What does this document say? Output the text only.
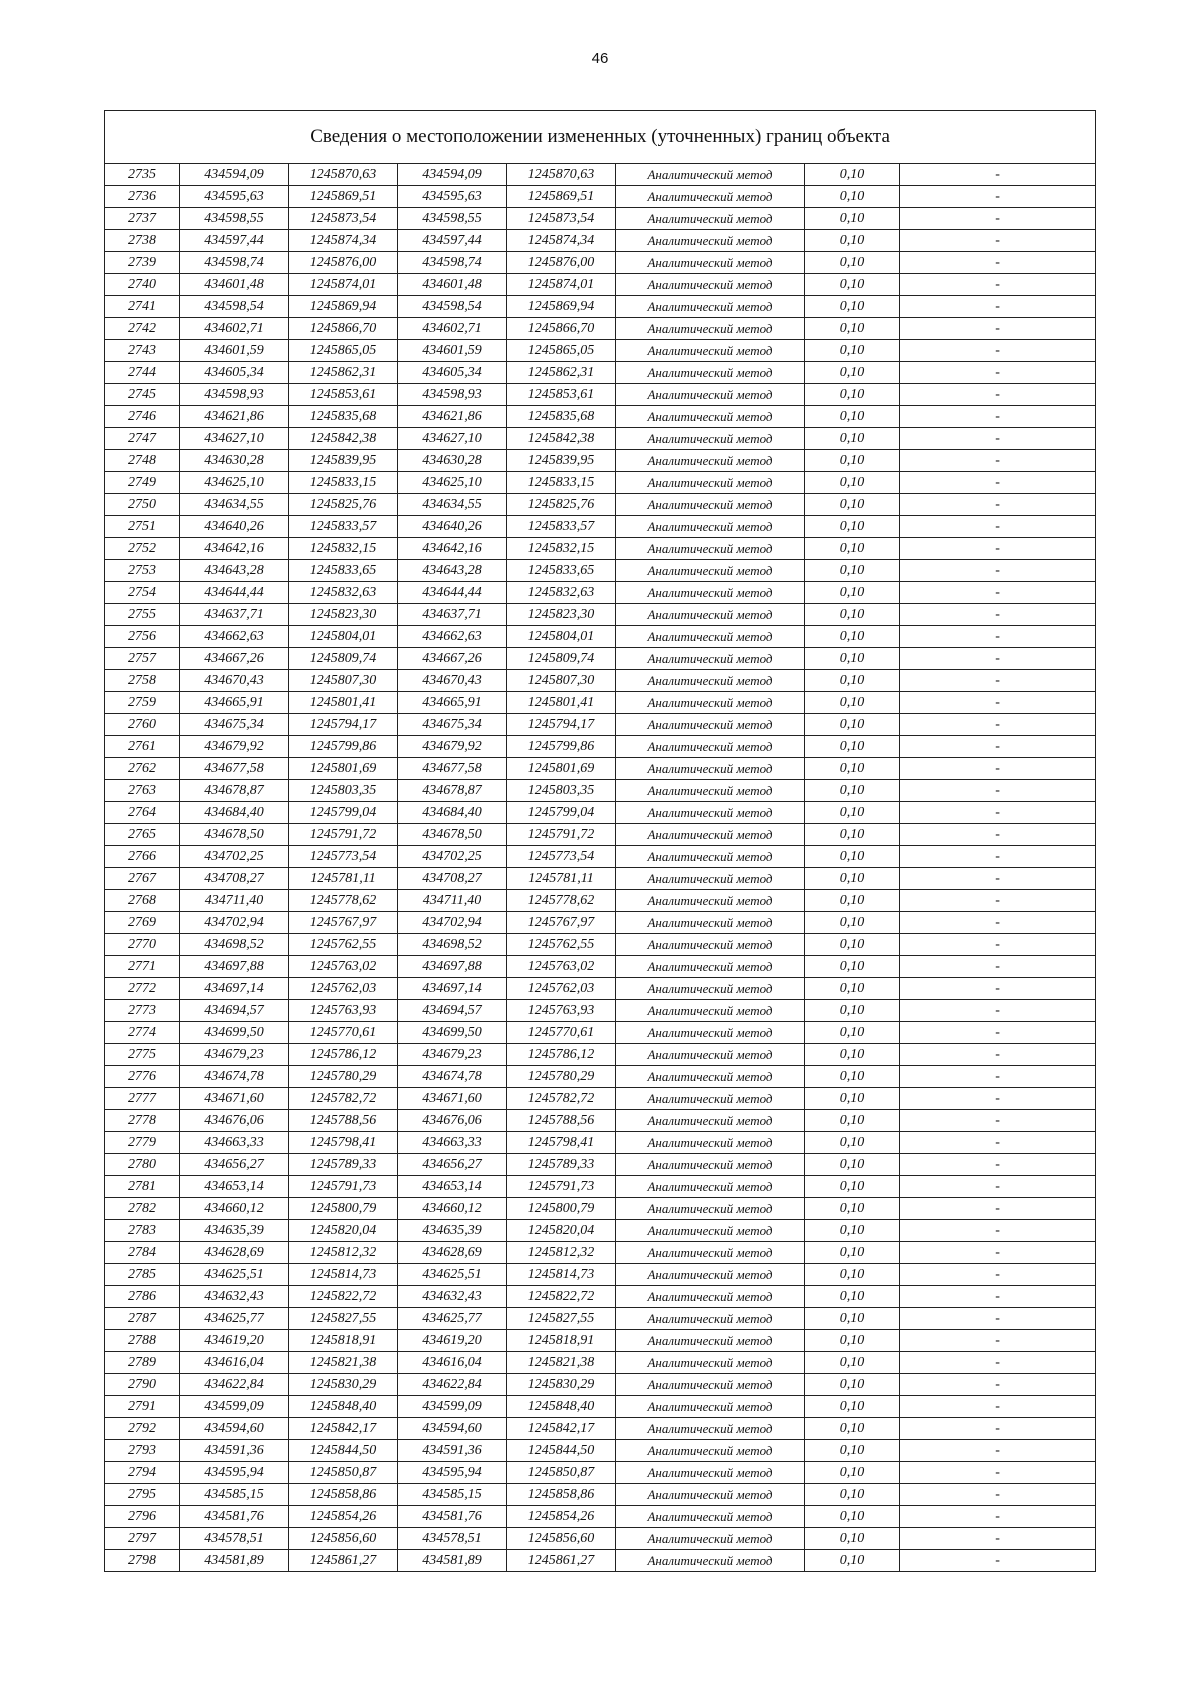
46
Сведения о местоположении измененных (уточненных) границ объекта							
2735	434594,09	1245870,63	434594,09	1245870,63	Аналитический метод	0,10	-
2736	434595,63	1245869,51	434595,63	1245869,51	Аналитический метод	0,10	-
2737	434598,55	1245873,54	434598,55	1245873,54	Аналитический метод	0,10	-
2738	434597,44	1245874,34	434597,44	1245874,34	Аналитический метод	0,10	-
2739	434598,74	1245876,00	434598,74	1245876,00	Аналитический метод	0,10	-
2740	434601,48	1245874,01	434601,48	1245874,01	Аналитический метод	0,10	-
2741	434598,54	1245869,94	434598,54	1245869,94	Аналитический метод	0,10	-
2742	434602,71	1245866,70	434602,71	1245866,70	Аналитический метод	0,10	-
2743	434601,59	1245865,05	434601,59	1245865,05	Аналитический метод	0,10	-
2744	434605,34	1245862,31	434605,34	1245862,31	Аналитический метод	0,10	-
2745	434598,93	1245853,61	434598,93	1245853,61	Аналитический метод	0,10	-
2746	434621,86	1245835,68	434621,86	1245835,68	Аналитический метод	0,10	-
2747	434627,10	1245842,38	434627,10	1245842,38	Аналитический метод	0,10	-
2748	434630,28	1245839,95	434630,28	1245839,95	Аналитический метод	0,10	-
2749	434625,10	1245833,15	434625,10	1245833,15	Аналитический метод	0,10	-
2750	434634,55	1245825,76	434634,55	1245825,76	Аналитический метод	0,10	-
2751	434640,26	1245833,57	434640,26	1245833,57	Аналитический метод	0,10	-
2752	434642,16	1245832,15	434642,16	1245832,15	Аналитический метод	0,10	-
2753	434643,28	1245833,65	434643,28	1245833,65	Аналитический метод	0,10	-
2754	434644,44	1245832,63	434644,44	1245832,63	Аналитический метод	0,10	-
2755	434637,71	1245823,30	434637,71	1245823,30	Аналитический метод	0,10	-
2756	434662,63	1245804,01	434662,63	1245804,01	Аналитический метод	0,10	-
2757	434667,26	1245809,74	434667,26	1245809,74	Аналитический метод	0,10	-
2758	434670,43	1245807,30	434670,43	1245807,30	Аналитический метод	0,10	-
2759	434665,91	1245801,41	434665,91	1245801,41	Аналитический метод	0,10	-
2760	434675,34	1245794,17	434675,34	1245794,17	Аналитический метод	0,10	-
2761	434679,92	1245799,86	434679,92	1245799,86	Аналитический метод	0,10	-
2762	434677,58	1245801,69	434677,58	1245801,69	Аналитический метод	0,10	-
2763	434678,87	1245803,35	434678,87	1245803,35	Аналитический метод	0,10	-
2764	434684,40	1245799,04	434684,40	1245799,04	Аналитический метод	0,10	-
2765	434678,50	1245791,72	434678,50	1245791,72	Аналитический метод	0,10	-
2766	434702,25	1245773,54	434702,25	1245773,54	Аналитический метод	0,10	-
2767	434708,27	1245781,11	434708,27	1245781,11	Аналитический метод	0,10	-
2768	434711,40	1245778,62	434711,40	1245778,62	Аналитический метод	0,10	-
2769	434702,94	1245767,97	434702,94	1245767,97	Аналитический метод	0,10	-
2770	434698,52	1245762,55	434698,52	1245762,55	Аналитический метод	0,10	-
2771	434697,88	1245763,02	434697,88	1245763,02	Аналитический метод	0,10	-
2772	434697,14	1245762,03	434697,14	1245762,03	Аналитический метод	0,10	-
2773	434694,57	1245763,93	434694,57	1245763,93	Аналитический метод	0,10	-
2774	434699,50	1245770,61	434699,50	1245770,61	Аналитический метод	0,10	-
2775	434679,23	1245786,12	434679,23	1245786,12	Аналитический метод	0,10	-
2776	434674,78	1245780,29	434674,78	1245780,29	Аналитический метод	0,10	-
2777	434671,60	1245782,72	434671,60	1245782,72	Аналитический метод	0,10	-
2778	434676,06	1245788,56	434676,06	1245788,56	Аналитический метод	0,10	-
2779	434663,33	1245798,41	434663,33	1245798,41	Аналитический метод	0,10	-
2780	434656,27	1245789,33	434656,27	1245789,33	Аналитический метод	0,10	-
2781	434653,14	1245791,73	434653,14	1245791,73	Аналитический метод	0,10	-
2782	434660,12	1245800,79	434660,12	1245800,79	Аналитический метод	0,10	-
2783	434635,39	1245820,04	434635,39	1245820,04	Аналитический метод	0,10	-
2784	434628,69	1245812,32	434628,69	1245812,32	Аналитический метод	0,10	-
2785	434625,51	1245814,73	434625,51	1245814,73	Аналитический метод	0,10	-
2786	434632,43	1245822,72	434632,43	1245822,72	Аналитический метод	0,10	-
2787	434625,77	1245827,55	434625,77	1245827,55	Аналитический метод	0,10	-
2788	434619,20	1245818,91	434619,20	1245818,91	Аналитический метод	0,10	-
2789	434616,04	1245821,38	434616,04	1245821,38	Аналитический метод	0,10	-
2790	434622,84	1245830,29	434622,84	1245830,29	Аналитический метод	0,10	-
2791	434599,09	1245848,40	434599,09	1245848,40	Аналитический метод	0,10	-
2792	434594,60	1245842,17	434594,60	1245842,17	Аналитический метод	0,10	-
2793	434591,36	1245844,50	434591,36	1245844,50	Аналитический метод	0,10	-
2794	434595,94	1245850,87	434595,94	1245850,87	Аналитический метод	0,10	-
2795	434585,15	1245858,86	434585,15	1245858,86	Аналитический метод	0,10	-
2796	434581,76	1245854,26	434581,76	1245854,26	Аналитический метод	0,10	-
2797	434578,51	1245856,60	434578,51	1245856,60	Аналитический метод	0,10	-
2798	434581,89	1245861,27	434581,89	1245861,27	Аналитический метод	0,10	-
